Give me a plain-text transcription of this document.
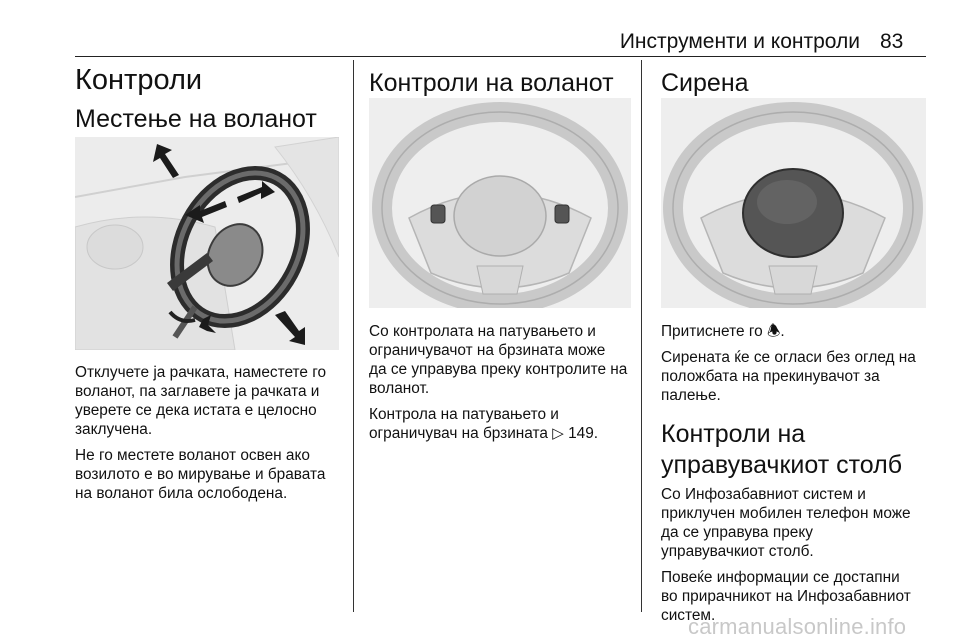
Инструменти и контроли 83
Контроли
Местење на воланот

Отклучете ја рачката, наместете го
воланот, па заглавете ја рачката и
уверете се дека истата е целосно
заклучена.

Не го местете воланот освен ако
возилото е во мирување и бравата
на воланот била ослободена.

Контроли на воланот

Со контролата на патувањето и
ограничувачот на брзината може
да се управува преку контролите на
воланот.

Контрола на патувањето и
ограничувач на брзината ▷ 149.

Сирена

Притиснете го 🕭.

Сирената ќе се огласи без оглед на
положбата на прекинувачот за
палење.

Контроли на
управувачкиот столб

Со Инфозабавниот систем и
приклучен мобилен телефон може
да се управува преку
управувачкиот столб.

Повеќе информации се достапни
во прирачникот на Инфозабавниот
систем.

carmanualsonline.info
